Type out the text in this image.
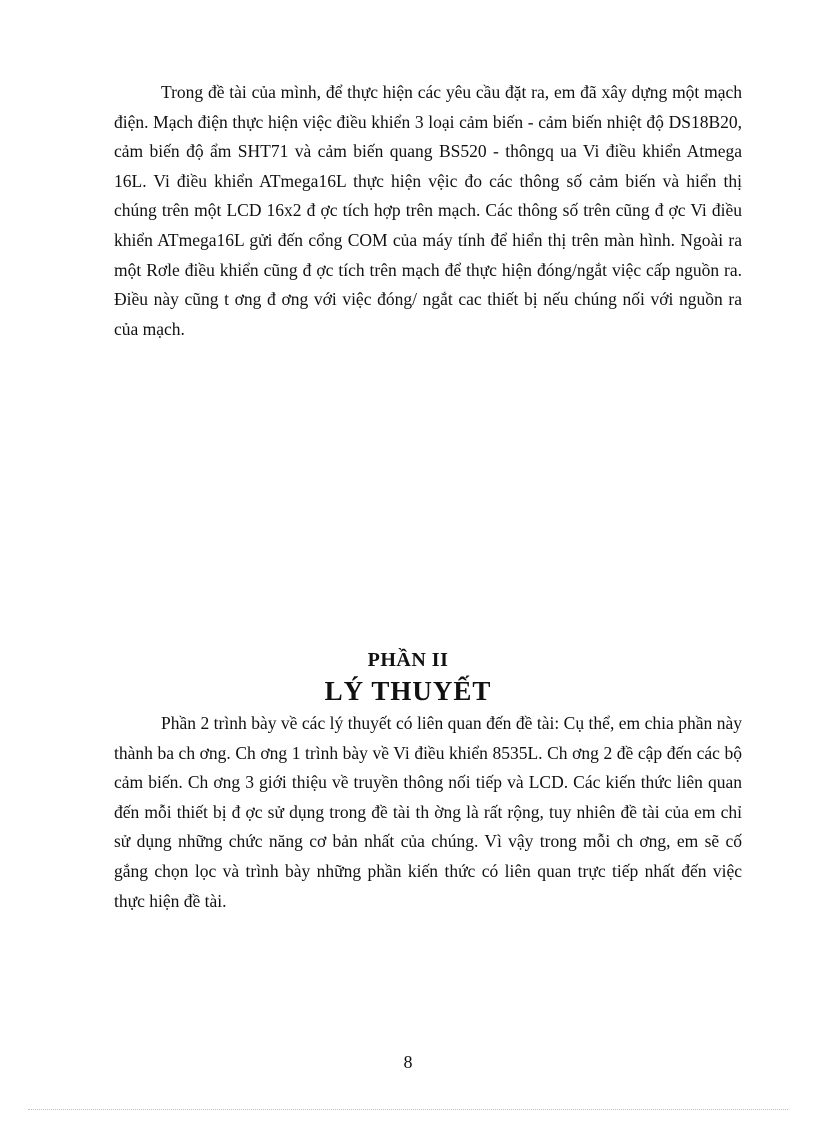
Trong đề tài của mình, để thực hiện các yêu cầu đặt ra, em đã xây dựng một mạch điện. Mạch điện thực hiện việc điều khiển 3 loại cảm biến - cảm biến nhiệt độ DS18B20, cảm biến độ ẩm SHT71 và cảm biến quang BS520 - thôngq ua Vi điều khiển Atmega 16L. Vi điều khiển ATmega16L thực hiện vệic đo các thông số cảm biến và hiển thị chúng trên một LCD 16x2 đ ợc tích hợp trên mạch. Các thông số trên cũng đ ợc Vi điều khiển ATmega16L gửi đến cổng COM của máy tính để hiển thị trên màn hình. Ngoài ra một Rơle điều khiển cũng đ ợc tích trên mạch để thực hiện đóng/ngắt việc cấp nguồn ra. Điều này cũng t ơng đ ơng với việc đóng/ ngắt cac thiết bị nếu chúng nối với nguồn ra của mạch.

PHẦN II
LÝ THUYẾT

Phần 2 trình bày về các lý thuyết có liên quan đến đề tài: Cụ thể, em chia phần này thành ba ch ơng. Ch ơng 1 trình bày về Vi điều khiển 8535L. Ch ơng 2 đề cập đến các bộ cảm biến. Ch ơng 3 giới thiệu về truyền thông nối tiếp và LCD. Các kiến thức liên quan đến mỗi thiết bị đ ợc sử dụng trong đề tài th ờng là rất rộng, tuy nhiên đề tài của em chỉ sử dụng những chức năng cơ bản nhất của chúng. Vì vậy trong mỗi ch ơng, em sẽ cố gắng chọn lọc và trình bày những phần kiến thức có liên quan trực tiếp nhất đến việc thực hiện đề tài.

8
